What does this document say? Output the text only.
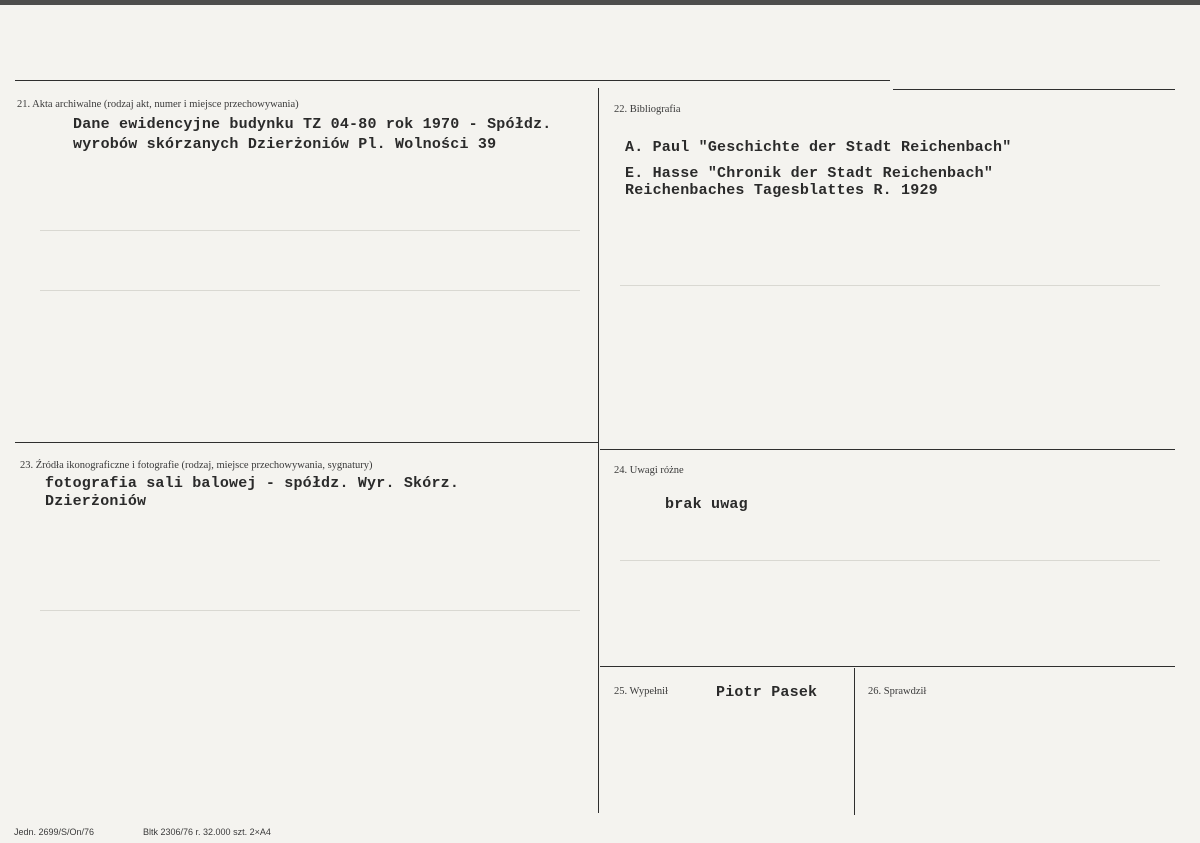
21. Akta archiwalne (rodzaj akt, numer i miejsce przechowywania)
Dane ewidencyjne budynku TZ 04-80 rok 1970 - Spółdz.
wyrobów skórzanych Dzierżoniów Pl. Wolności 39
22. Bibliografia
A. Paul "Geschichte der Stadt Reichenbach"
E. Hasse "Chronik der Stadt Reichenbach"
Reichenbaches Tagesblattes R. 1929
23. Źródła ikonograficzne i fotografie (rodzaj, miejsce przechowywania, sygnatury)
fotografia sali balowej - spółdz. Wyr. Skórz.
Dzierżoniów
24. Uwagi różne
brak uwag
25. Wypełnił	Piotr Pasek	26. Sprawdził
Jedn. 2699/S/On/76	Bltk 2306/76 r. 32.000 szt. 2×A4
